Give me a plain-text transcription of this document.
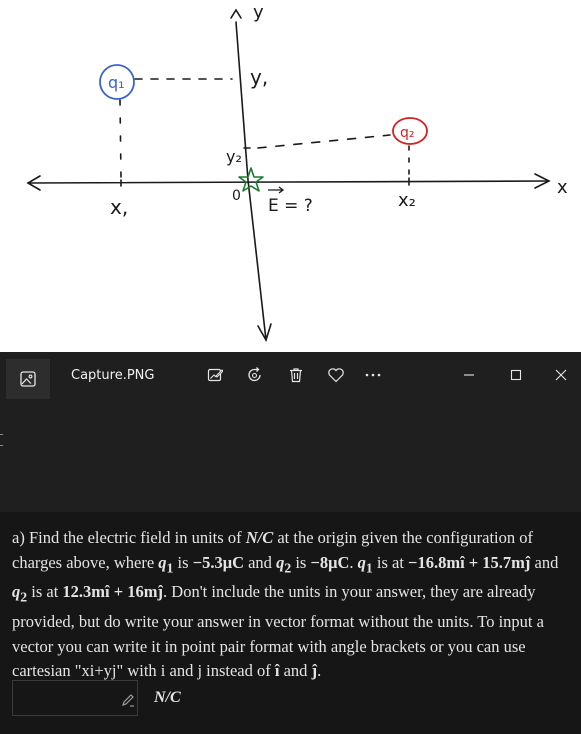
q₁
q₂
y
x
y,
y₂
x,	x₂
0 E = ?
Capture.PNG

a) Find the electric field in units of N/C at the origin given the configuration of charges above, where $q_1$ is −5.3μC and $q_2$ is −8μC. $q_1$ is at −16.8mî + 15.7mĵ and $q_2$ is at 12.3mî + 16mĵ. Don't include the units in your answer, they are already provided, but do write your answer in vector format without the units. To input a vector you can write it in point pair format with angle brackets or you can use cartesian "xi+yj" with i and j instead of î and ĵ.

N/C
